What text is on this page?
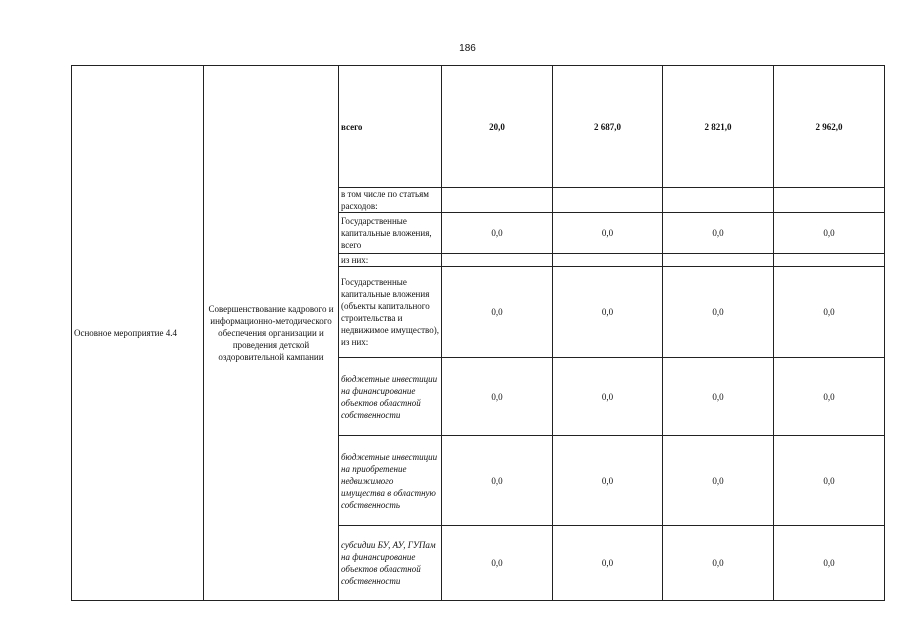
186
Основное мероприятие 4.4	Совершенствование кадрового и информационно-методического обеспечения организации и проведения детской оздоровительной кампании	всего	20,0	2 687,0	2 821,0	2 962,0
		в том числе по статьям расходов:				
		Государственные капитальные вложения, всего	0,0	0,0	0,0	0,0
		из них:				
		Государственные капитальные вложения (объекты капитального строительства и недвижимое имущество), из них:	0,0	0,0	0,0	0,0
		бюджетные инвестиции на финансирование объектов областной собственности	0,0	0,0	0,0	0,0
		бюджетные инвестиции на приобретение недвижимого имущества в областную собственность	0,0	0,0	0,0	0,0
		субсидии БУ, АУ, ГУПам на финансирование объектов областной собственности	0,0	0,0	0,0	0,0
